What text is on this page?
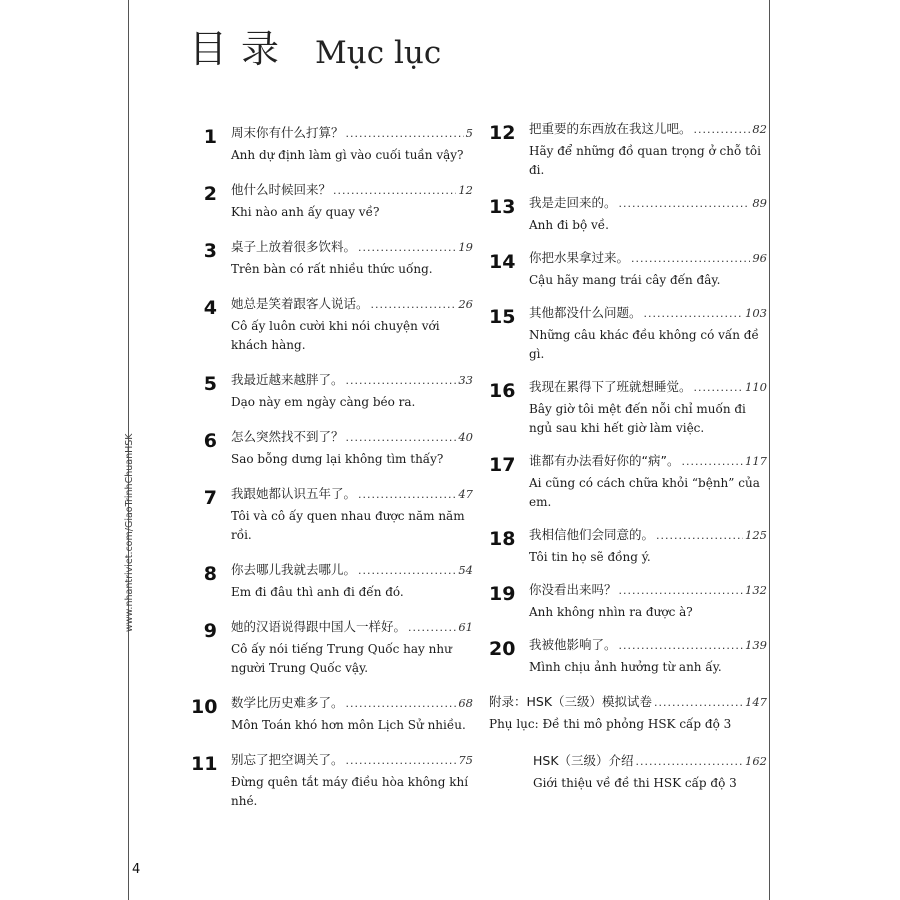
目录 Mục lục
1 周末你有什么打算？ .....	5
Anh dự định làm gì vào cuối tuần vậy?
2 他什么时候回来？ .....	12
Khi nào anh ấy quay về?
3 桌子上放着很多饮料。 .....	19
Trên bàn có rất nhiều thức uống.
4 她总是笑着跟客人说话。 .....	26
Cô ấy luôn cười khi nói chuyện với khách hàng.
5 我最近越来越胖了。 .....	33
Dạo này em ngày càng béo ra.
6 怎么突然找不到了？ .....	40
Sao bỗng dưng lại không tìm thấy?
7 我跟她都认识五年了。 .....	47
Tôi và cô ấy quen nhau được năm năm rồi.
8 你去哪儿我就去哪儿。 .....	54
Em đi đâu thì anh đi đến đó.
9 她的汉语说得跟中国人一样好。 .....	61
Cô ấy nói tiếng Trung Quốc hay như người Trung Quốc vậy.
10 数学比历史难多了。 .....	68
Môn Toán khó hơn môn Lịch Sử nhiều.
11 别忘了把空调关了。 .....	75
Đừng quên tắt máy điều hòa không khí nhé.
12 把重要的东西放在我这儿吧。 .....	82
Hãy để những đồ quan trọng ở chỗ tôi đi.
13 我是走回来的。 .....	89
Anh đi bộ về.
14 你把水果拿过来。 .....	96
Cậu hãy mang trái cây đến đây.
15 其他都没什么问题。 .....	103
Những câu khác đều không có vấn đề gì.
16 我现在累得下了班就想睡觉。 .....	110
Bây giờ tôi mệt đến nỗi chỉ muốn đi ngủ sau khi hết giờ làm việc.
17 谁都有办法看好你的“病”。 .....	117
Ai cũng có cách chữa khỏi “bệnh” của em.
18 我相信他们会同意的。 .....	125
Tôi tin họ sẽ đồng ý.
19 你没看出来吗？ .....	132
Anh không nhìn ra được à?
20 我被他影响了。 .....	139
Mình chịu ảnh hưởng từ anh ấy.
附录：HSK（三级）模拟试卷 .....	147
Phụ lục: Đề thi mô phỏng HSK cấp độ 3
HSK（三级）介绍 .....	162
Giới thiệu về đề thi HSK cấp độ 3
www.nhantriviet.com/GiaoTrinhChuanHSK
4
